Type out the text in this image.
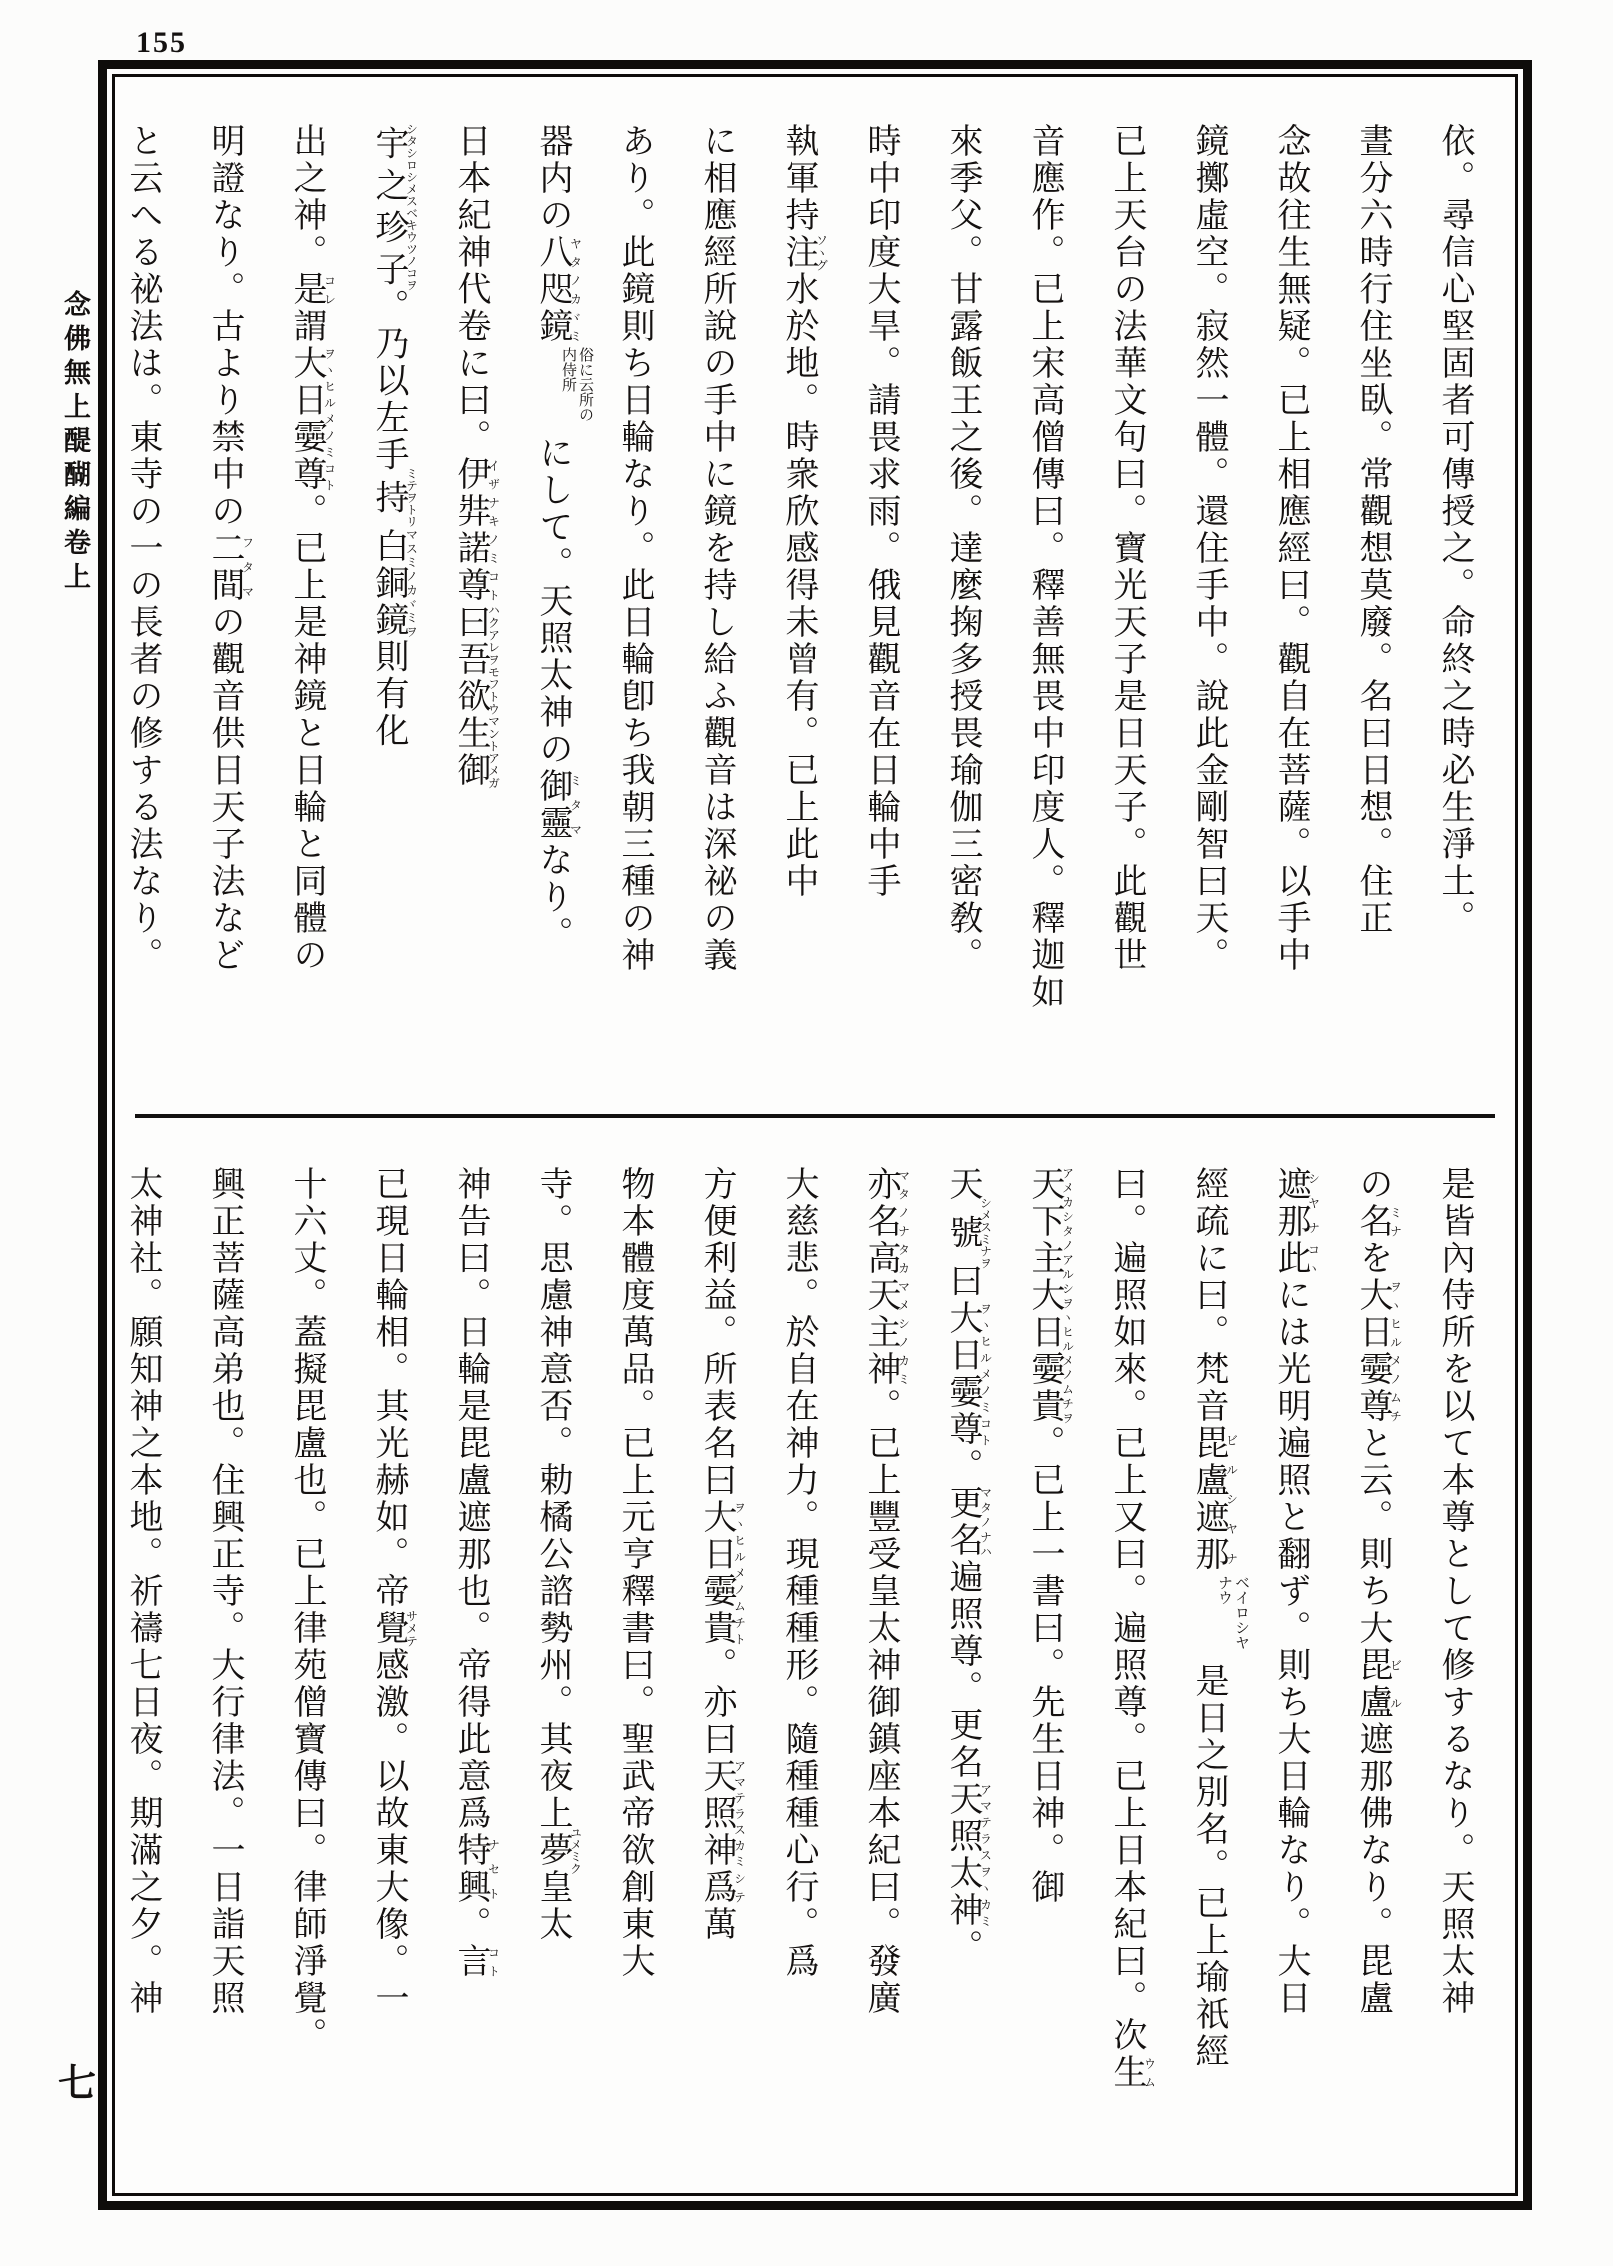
155
念佛無上醍醐編卷上
七
依。尋信心堅固者可傳授之。命終之時必生淨土。
晝分六時行住坐臥。常觀想莫廢。名曰日想。住正
念故往生無疑。已上相應經曰。觀自在菩薩。以手中
鏡擲虛空。寂然一體。還住手中。說此金剛智曰天。
已上天台の法華文句曰。寶光天子是日天子。此觀世
音應作。已上宋高僧傳曰。釋善無畏中印度人。釋迦如
來季父。甘露飯王之後。達麼掬多授畏瑜伽三密敎。
時中印度大旱。請畏求雨。俄見觀音在日輪中手
執軍持注ソヽグ水於地。時衆欣感得未曾有。已上此中
に相應經所說の手中に鏡を持し給ふ觀音は深祕の義
あり。此鏡則ち日輪なり。此日輪卽ち我朝三種の神
器内の八咫鏡ヤタノカヾミ俗に云所の内侍所にして。天照太神の御靈ミタマなり。
日本紀神代卷に曰。伊弉諾尊イザナキノミコト曰吾欲生御ハクアレヲモフトウマントアメガ
宇之珍子シタシロシメスベキウツノコヲ。乃以左手持ミテヲトリ白銅鏡マスミノカヾミヲ則有化
出之神。是コレ謂大日孁尊ヲヽヒルメノミコト。已上是神鏡と日輪と同體の
明證なり。古より禁中の二間フタマの觀音供日天子法など
と云へる祕法は。東寺の一の長者の修する法なり。
是皆內侍所を以て本尊として修するなり。天照太神
の名ミナを大日孁尊ヲヽヒルメノムチと云。則ち大毘盧ビル遮那佛なり。毘盧
遮那シヤナ此コヽには光明遍照と翻ず。則ち大日輪なり。大日
經疏に曰。梵音毘盧遮那ビルシヤナベイロシヤナウ是日之別名。已上瑜祇經
曰。遍照如來。已上又曰。遍照尊。已上日本紀曰。次生ウム
天下主大日孁貴アメカシタノアルシヲヽヒルメノムチヲ。已上一書曰。先生日神。御
天號シメスミナヲ曰大日孁尊ヲヽヒルメノミコト。更名マタノナハ遍照尊。更名天照太神アマテラスヲヽカミ。
亦名マタノナ高天主神タカマメシノカミ。已上豐受皇太神御鎮座本紀曰。發廣
大慈悲。於自在神力。現種種形。隨種種心行。爲
方便利益。所表名曰大日孁貴ヲヽヒルメノムチト。亦曰天照神アマテラスカミ爲シテ萬
物本體度萬品。已上元亨釋書曰。聖武帝欲創東大
寺。思慮神意否。勅橘公諮勢州。其夜上夢ユメミク皇太
神告曰。日輪是毘盧遮那也。帝得此意爲特興ナセト。言コト
已現日輪相。其光赫如。帝覺サメテ感激。以故東大像。一
十六丈。蓋擬毘盧也。已上律苑僧寶傳曰。律師淨覺。
興正菩薩高弟也。住興正寺。大行律法。一日詣天照
太神社。願知神之本地。祈禱七日夜。期滿之夕。神
